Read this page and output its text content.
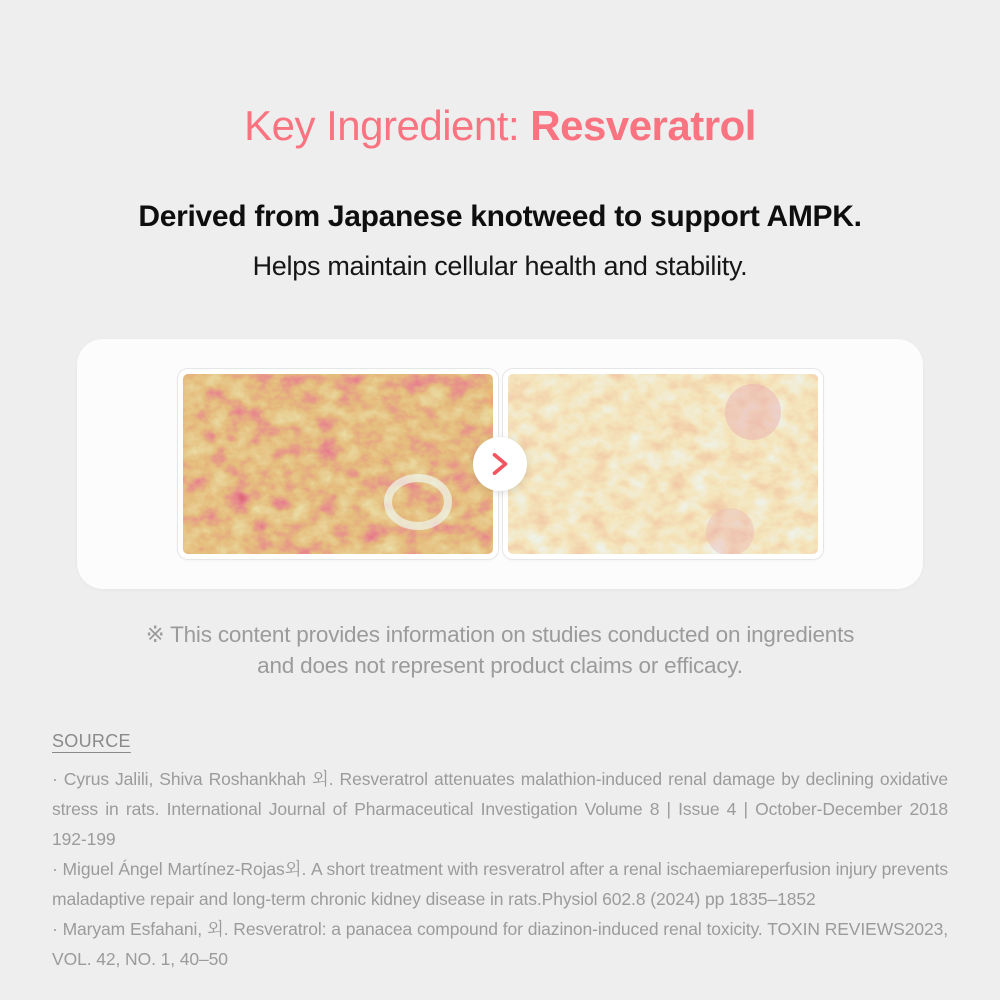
Key Ingredient: Resveratrol
Derived from Japanese knotweed to support AMPK.

Helps maintain cellular health and stability.

※ This content provides information on studies conducted on ingredients
and does not represent product claims or efficacy.
SOURCE

· Cyrus Jalili, Shiva Roshankhah 외. Resveratrol attenuates malathion-induced renal damage by declining oxidative stress in rats. International Journal of Pharmaceutical Investigation Volume 8 | Issue 4 | October-December 2018 192-199

· Miguel Ángel Martínez-Rojas외. A short treatment with resveratrol after a renal ischaemiareperfusion injury prevents maladaptive repair and long-term chronic kidney disease in rats.Physiol 602.8 (2024) pp 1835–1852

· Maryam Esfahani, 외. Resveratrol: a panacea compound for diazinon-induced renal toxicity. TOXIN REVIEWS2023, VOL. 42, NO. 1, 40–50
